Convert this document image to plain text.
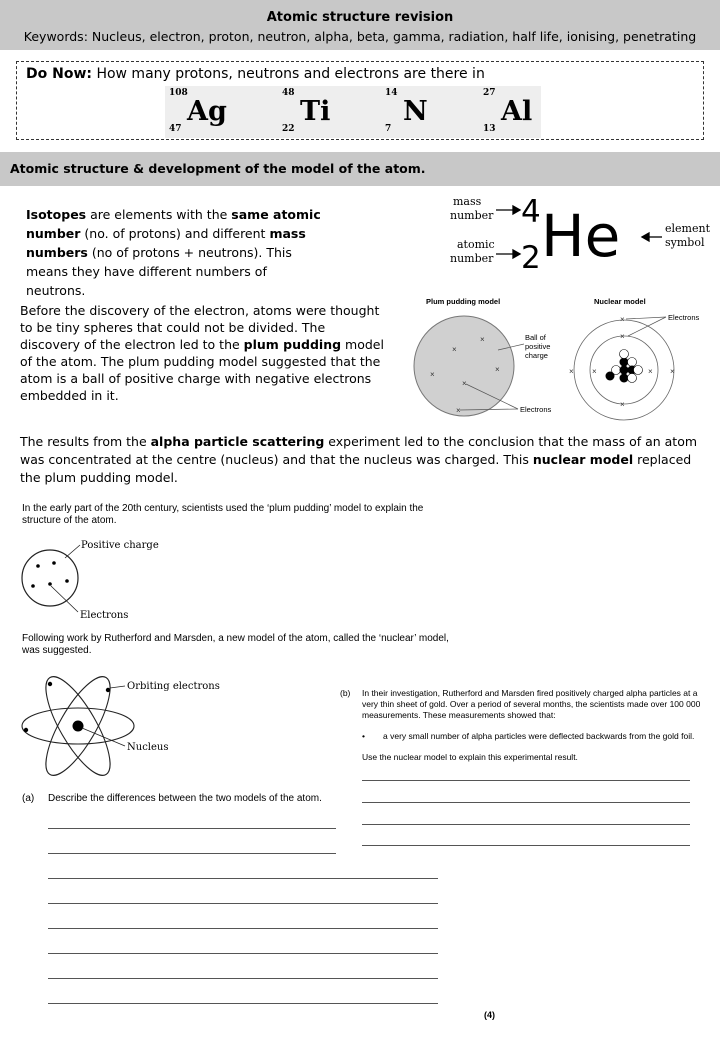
Atomic structure revision
Keywords: Nucleus, electron, proton, neutron, alpha, beta, gamma, radiation, half life, ionising, penetrating
Do Now: How many protons, neutrons and electrons are there in
108
Ag
47
48
Ti
22
14
N
7
27
Al
13
Atomic structure & development of the model of the atom.
Isotopes are elements with the same atomic number (no. of protons) and different mass numbers (no of protons + neutrons). This means they have different numbers of neutrons.
mass
number
atomic
number
element
symbol
4
2 He
Before the discovery of the electron, atoms were thought to be tiny spheres that could not be divided. The discovery of the electron led to the plum pudding model of the atom. The plum pudding model suggested that the atom is a ball of positive charge with negative electrons embedded in it.
Plum pudding model	Nuclear model
Ball of
positive
charge
Electrons
Electrons
×
×
×
×
×
×
×
×
×
×	×
×	×
The results from the alpha particle scattering experiment led to the conclusion that the mass of an atom was concentrated at the centre (nucleus) and that the nucleus was charged. This nuclear model replaced the plum pudding model.
In the early part of the 20th century, scientists used the ‘plum pudding’ model to explain the structure of the atom.
Positive charge
Electrons
Following work by Rutherford and Marsden, a new model of the atom, called the ‘nuclear’ model, was suggested.
Orbiting electrons
Nucleus
(a) Describe the differences between the two models of the atom.
(b) In their investigation, Rutherford and Marsden fired positively charged alpha particles at a very thin sheet of gold. Over a period of several months, the scientists made over 100 000 measurements. These measurements showed that:
• a very small number of alpha particles were deflected backwards from the gold foil.
Use the nuclear model to explain this experimental result.
(4)
